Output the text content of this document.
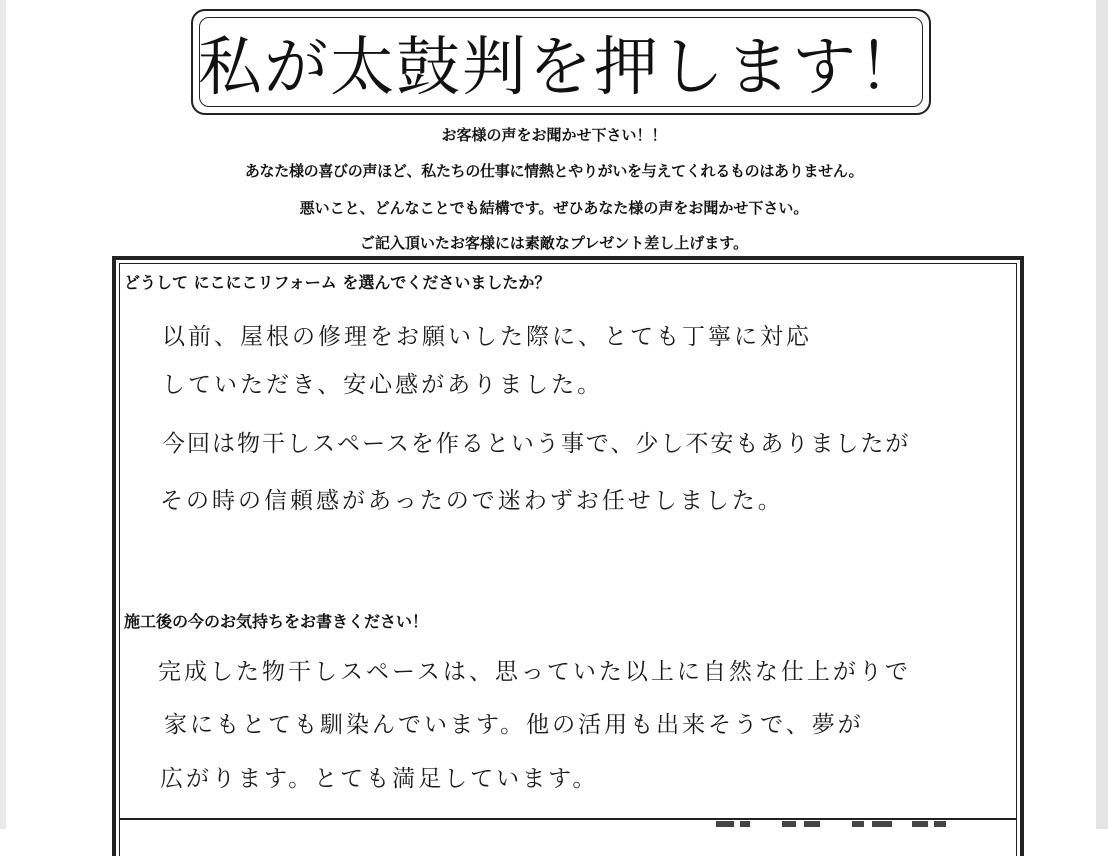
私が太鼓判を押します！
お客様の声をお聞かせ下さい！！
あなた様の喜びの声ほど、私たちの仕事に情熱とやりがいを与えてくれるものはありません。
悪いこと、どんなことでも結構です。ぜひあなた様の声をお聞かせ下さい。
ご記入頂いたお客様には素敵なプレゼント差し上げます。
どうして にこにこリフォーム を選んでくださいましたか？
以前、屋根の修理をお願いした際に、とても丁寧に対応
していただき、安心感がありました。
今回は物干しスペースを作るという事で、少し不安もありましたが
その時の信頼感があったので迷わずお任せしました。
施工後の今のお気持ちをお書きください！
完成した物干しスペースは、思っていた以上に自然な仕上がりで
家にもとても馴染んでいます。他の活用も出来そうで、夢が
広がります。とても満足しています。
